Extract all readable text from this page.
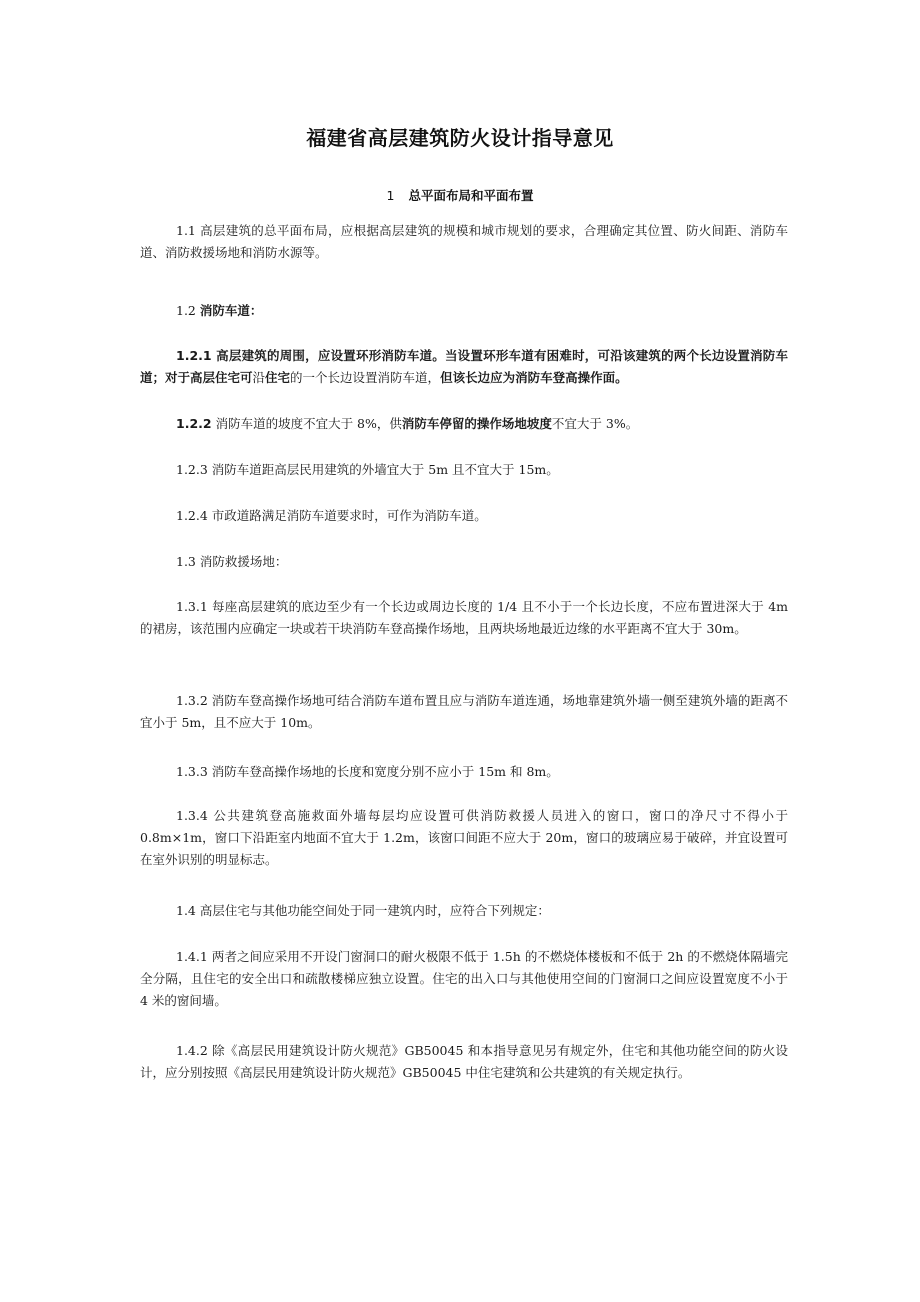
福建省高层建筑防火设计指导意见
1 总平面布局和平面布置

1.1 高层建筑的总平面布局，应根据高层建筑的规模和城市规划的要求，合理确定其位置、防火间距、消防车道、消防救援场地和消防水源等。

1.2 消防车道：

1.2.1 高层建筑的周围，应设置环形消防车道。当设置环形车道有困难时，可沿该建筑的两个长边设置消防车道；对于高层住宅可沿住宅的一个长边设置消防车道，但该长边应为消防车登高操作面。

1.2.2 消防车道的坡度不宜大于 8%，供消防车停留的操作场地坡度不宜大于 3%。

1.2.3 消防车道距高层民用建筑的外墙宜大于 5m 且不宜大于 15m。

1.2.4 市政道路满足消防车道要求时，可作为消防车道。

1.3 消防救援场地：

1.3.1 每座高层建筑的底边至少有一个长边或周边长度的 1/4 且不小于一个长边长度，不应布置进深大于 4m 的裙房，该范围内应确定一块或若干块消防车登高操作场地，且两块场地最近边缘的水平距离不宜大于 30m。

1.3.2 消防车登高操作场地可结合消防车道布置且应与消防车道连通，场地靠建筑外墙一侧至建筑外墙的距离不宜小于 5m，且不应大于 10m。

1.3.3 消防车登高操作场地的长度和宽度分别不应小于 15m 和 8m。

1.3.4 公共建筑登高施救面外墙每层均应设置可供消防救援人员进入的窗口，窗口的净尺寸不得小于 0.8m×1m，窗口下沿距室内地面不宜大于 1.2m，该窗口间距不应大于 20m，窗口的玻璃应易于破碎，并宜设置可在室外识别的明显标志。

1.4 高层住宅与其他功能空间处于同一建筑内时，应符合下列规定：

1.4.1 两者之间应采用不开设门窗洞口的耐火极限不低于 1.5h 的不燃烧体楼板和不低于 2h 的不燃烧体隔墙完全分隔，且住宅的安全出口和疏散楼梯应独立设置。住宅的出入口与其他使用空间的门窗洞口之间应设置宽度不小于 4 米的窗间墙。

1.4.2 除《高层民用建筑设计防火规范》GB50045 和本指导意见另有规定外，住宅和其他功能空间的防火设计，应分别按照《高层民用建筑设计防火规范》GB50045 中住宅建筑和公共建筑的有关规定执行。
